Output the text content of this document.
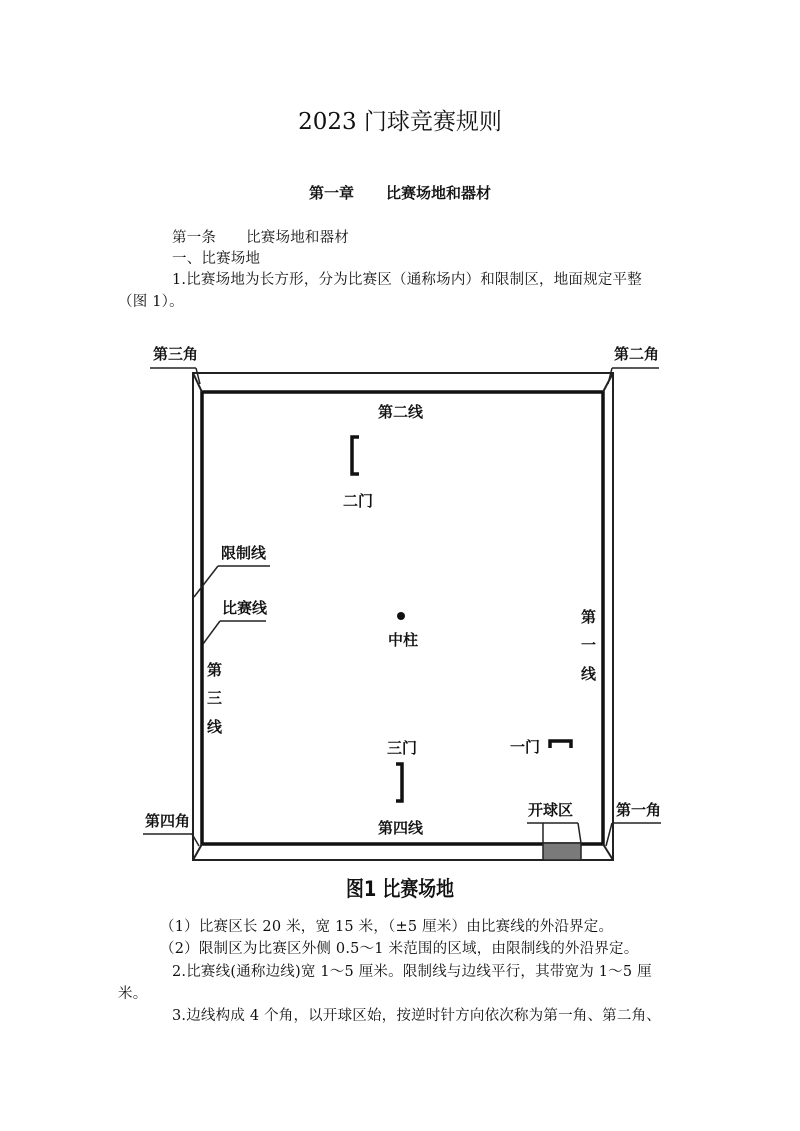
2023 门球竞赛规则
第一章 比赛场地和器材
第一条 比赛场地和器材
一、比赛场地
1.比赛场地为长方形，分为比赛区（通称场内）和限制区，地面规定平整
（图 1）。
第三角	第二角
第四角
第一角
限制线
比赛线
第二线
二门
中柱
第
一
线
第
三
线
三门	一门
第四线
开球区
图1 比赛场地
（1）比赛区长 20 米，宽 15 米，（±5 厘米）由比赛线的外沿界定。
（2）限制区为比赛区外侧 0.5～1 米范围的区域，由限制线的外沿界定。
2.比赛线(通称边线)宽 1～5 厘米。限制线与边线平行，其带宽为 1～5 厘
米。
3.边线构成 4 个角，以开球区始，按逆时针方向依次称为第一角、第二角、
